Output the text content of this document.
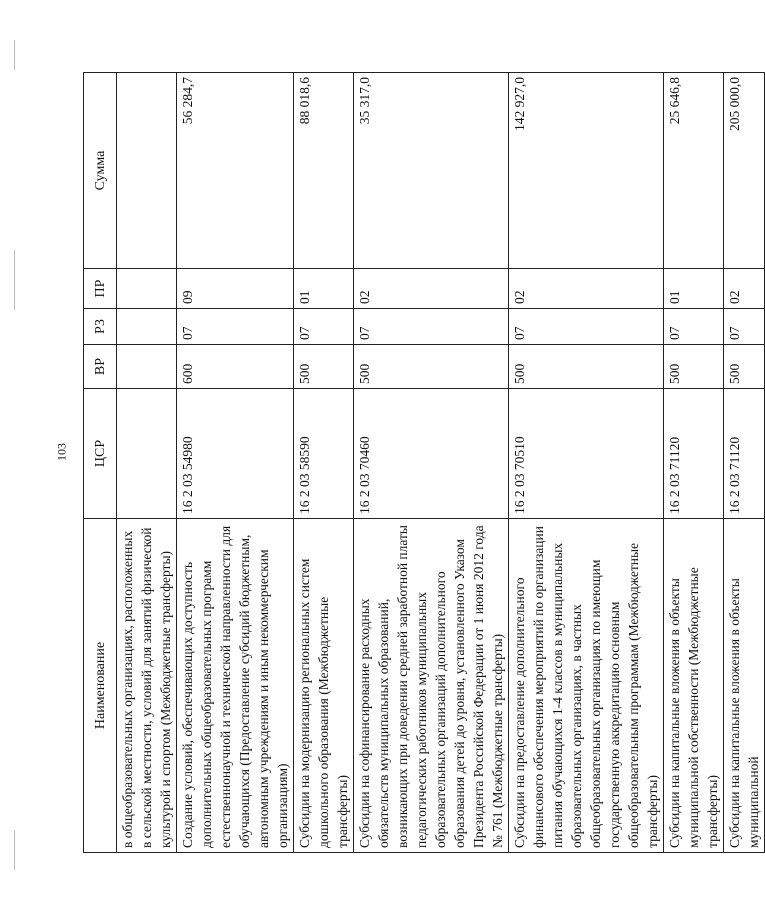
103
Наименование	ЦСР	ВР	РЗ	ПР	Сумма
в общеобразовательных организациях, расположенных в сельской местности, условий для занятий физической культурой и спортом (Межбюджетные трансферты)					
Создание условий, обеспечивающих доступность дополнительных общеобразовательных программ естественнонаучной и технической направленности для обучающихся (Предоставление субсидий бюджетным, автономным учреждениям и иным некоммерческим организациям)	16 2 03 54980	600	07	09	56 284,7
Субсидии на модернизацию региональных систем дошкольного образования (Межбюджетные трансферты)	16 2 03 58590	500	07	01	88 018,6
Субсидии на софинансирование расходных обязательств муниципальных образований, возникающих при доведении средней заработной платы педагогических работников муниципальных образовательных организаций дополнительного образования детей до уровня, установленного Указом Президента Российской Федерации от 1 июня 2012 года № 761 (Межбюджетные трансферты)	16 2 03 70460	500	07	02	35 317,0
Субсидии на предоставление дополнительного финансового обеспечения мероприятий по организации питания обучающихся 1-4 классов в муниципальных образовательных организациях, в частных общеобразовательных организациях по имеющим государственную аккредитацию основным общеобразовательным программам (Межбюджетные трансферты)	16 2 03 70510	500	07	02	142 927,0
Субсидии на капитальные вложения в объекты муниципальной собственности (Межбюджетные трансферты)	16 2 03 71120	500	07	01	25 646,8
Субсидии на капитальные вложения в объекты муниципальной	16 2 03 71120	500	07	02	205 000,0
